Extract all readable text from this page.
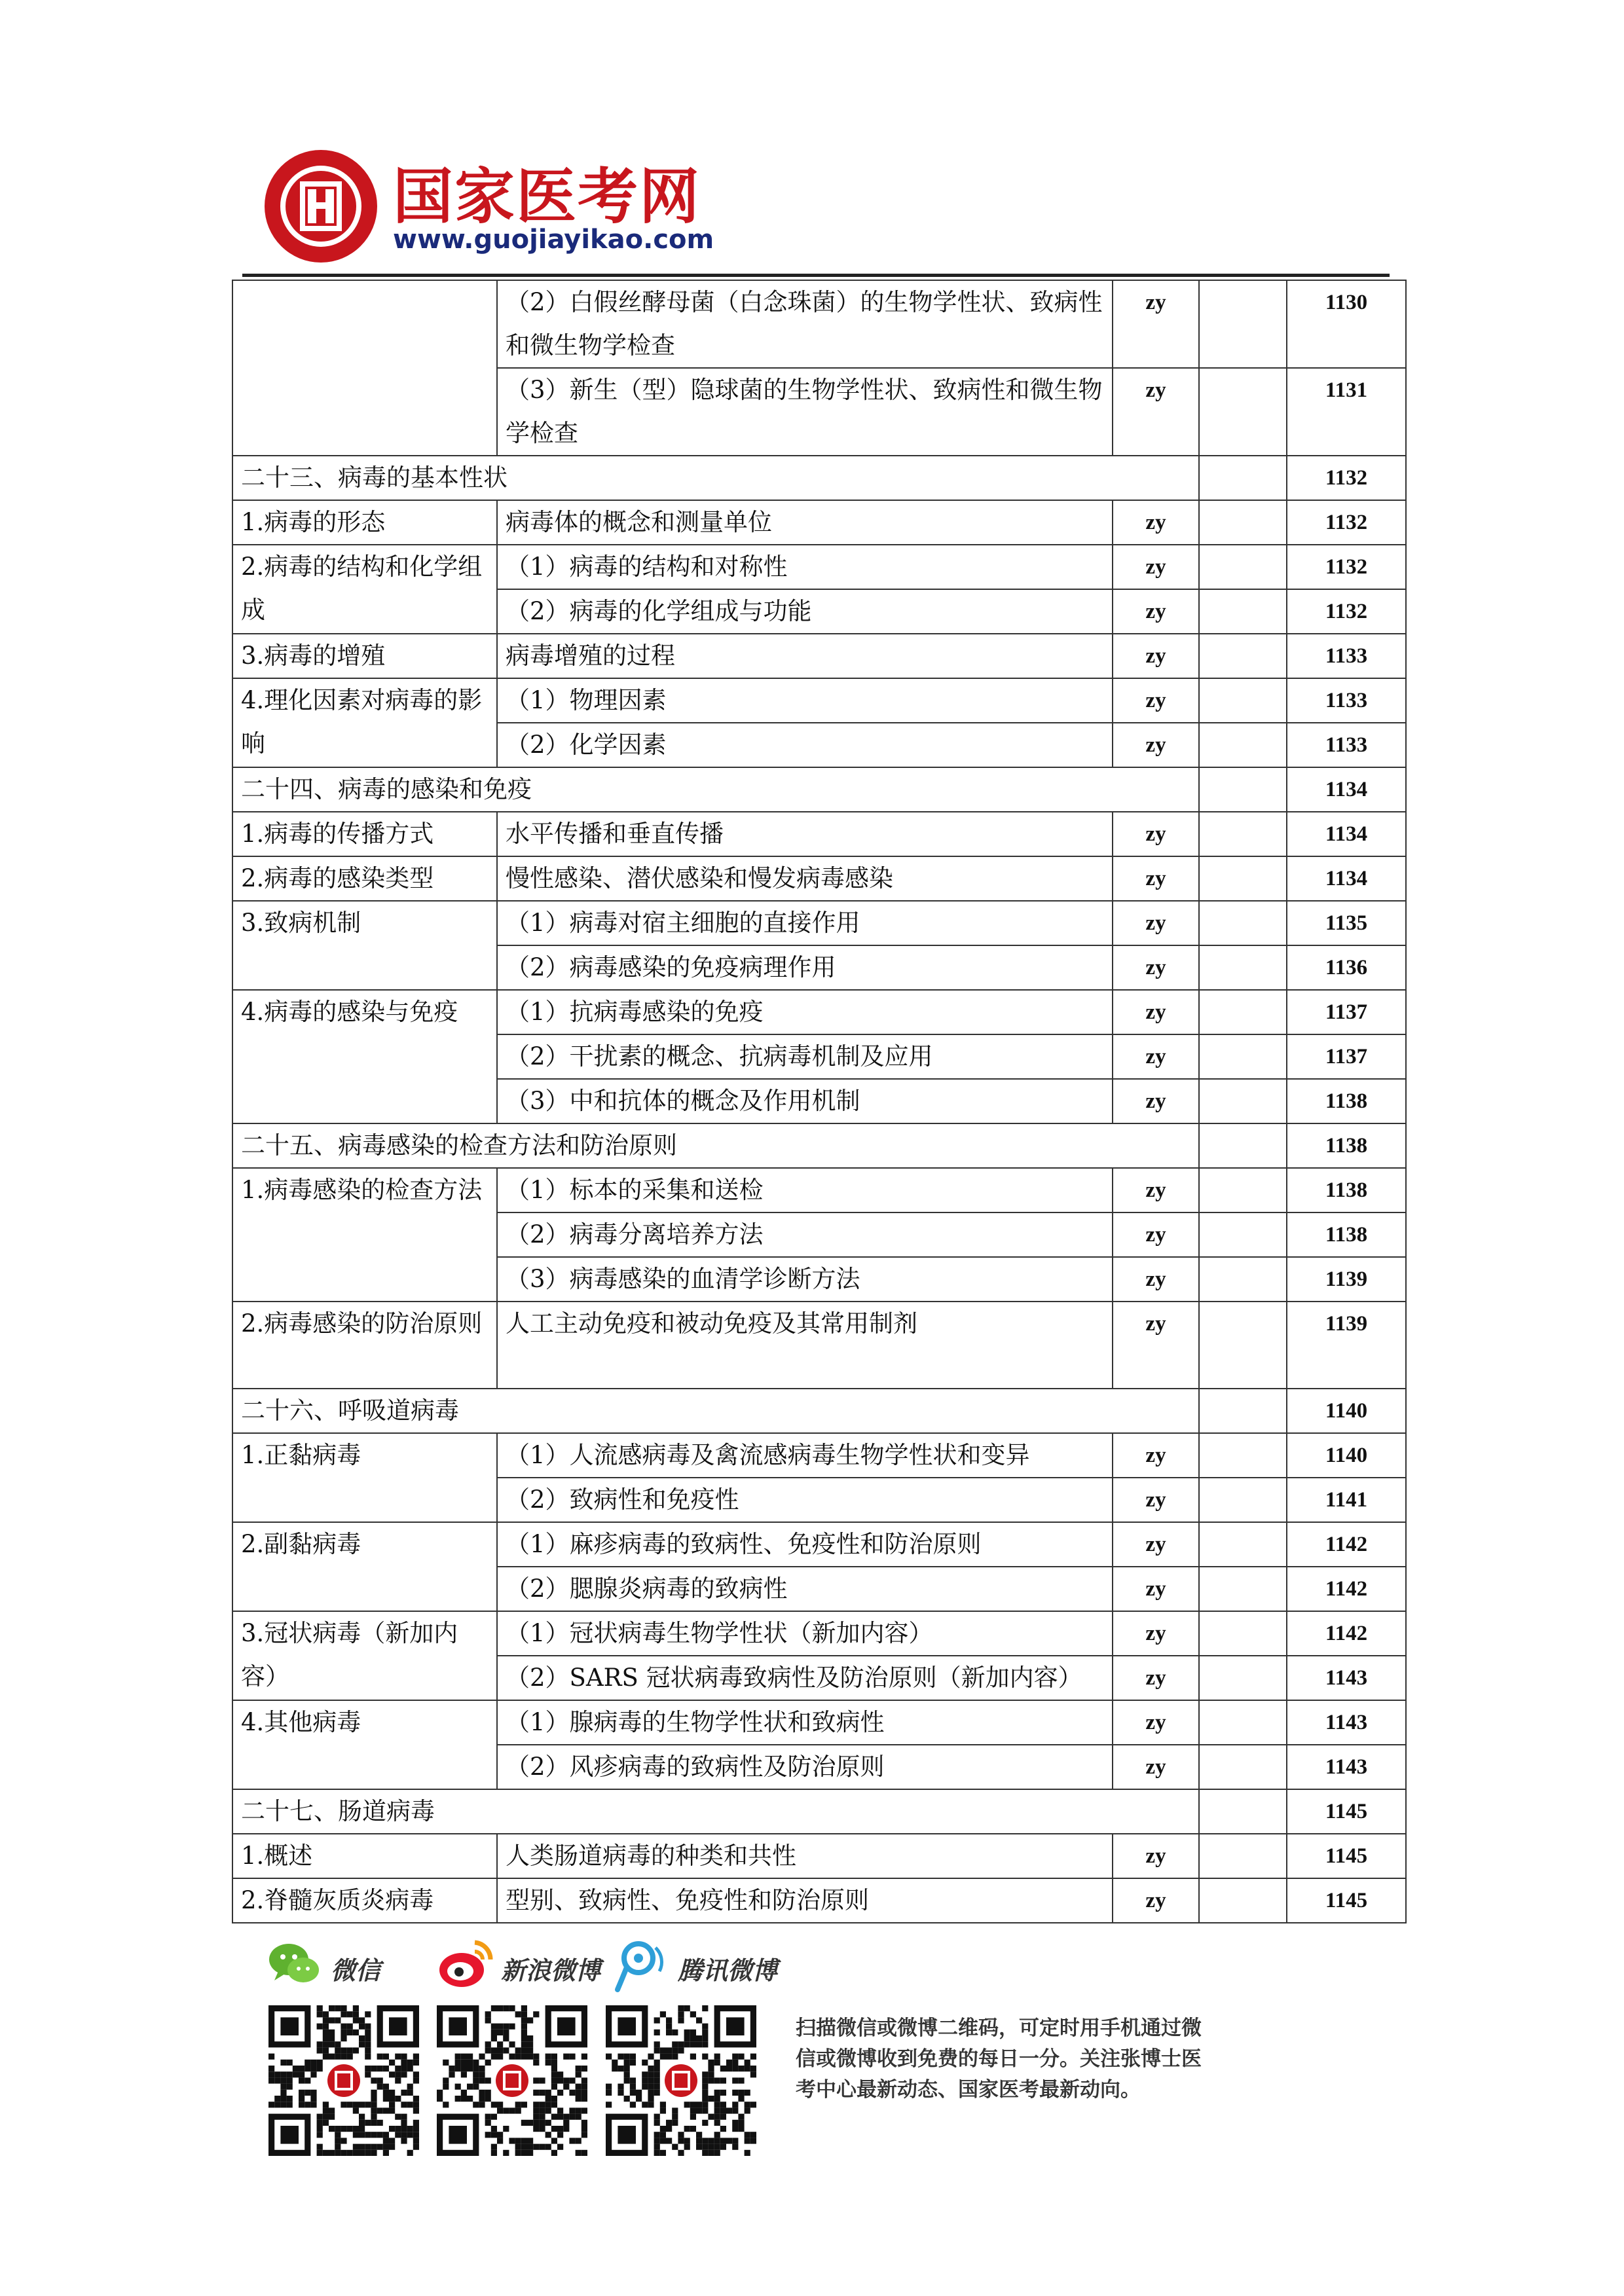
国家医考网
www.guojiayikao.com
	（2）白假丝酵母菌（白念珠菌）的生物学性状、致病性和微生物学检查	zy		1130
	（3）新生（型）隐球菌的生物学性状、致病性和微生物学检查	zy		1131
二十三、病毒的基本性状				1132
1.病毒的形态	病毒体的概念和测量单位	zy		1132
2.病毒的结构和化学组成	（1）病毒的结构和对称性	zy		1132
	（2）病毒的化学组成与功能	zy		1132
3.病毒的增殖	病毒增殖的过程	zy		1133
4.理化因素对病毒的影响	（1）物理因素	zy		1133
	（2）化学因素	zy		1133
二十四、病毒的感染和免疫				1134
1.病毒的传播方式	水平传播和垂直传播	zy		1134
2.病毒的感染类型	慢性感染、潜伏感染和慢发病毒感染	zy		1134
3.致病机制	（1）病毒对宿主细胞的直接作用	zy		1135
	（2）病毒感染的免疫病理作用	zy		1136
4.病毒的感染与免疫	（1）抗病毒感染的免疫	zy		1137
	（2）干扰素的概念、抗病毒机制及应用	zy		1137
	（3）中和抗体的概念及作用机制	zy		1138
二十五、病毒感染的检查方法和防治原则				1138
1.病毒感染的检查方法	（1）标本的采集和送检	zy		1138
	（2）病毒分离培养方法	zy		1138
	（3）病毒感染的血清学诊断方法	zy		1139
2.病毒感染的防治原则	人工主动免疫和被动免疫及其常用制剂	zy		1139
二十六、呼吸道病毒				1140
1.正黏病毒	（1）人流感病毒及禽流感病毒生物学性状和变异	zy		1140
	（2）致病性和免疫性	zy		1141
2.副黏病毒	（1）麻疹病毒的致病性、免疫性和防治原则	zy		1142
	（2）腮腺炎病毒的致病性	zy		1142
3.冠状病毒（新加内容）	（1）冠状病毒生物学性状（新加内容）	zy		1142
	（2）SARS 冠状病毒致病性及防治原则（新加内容）	zy		1143
4.其他病毒	（1）腺病毒的生物学性状和致病性	zy		1143
	（2）风疹病毒的致病性及防治原则	zy		1143
二十七、肠道病毒				1145
1.概述	人类肠道病毒的种类和共性	zy		1145
2.脊髓灰质炎病毒	型别、致病性、免疫性和防治原则	zy		1145
微信	新浪微博	腾讯微博

扫描微信或微博二维码，可定时用手机通过微信或微博收到免费的每日一分。关注张博士医考中心最新动态、国家医考最新动向。
